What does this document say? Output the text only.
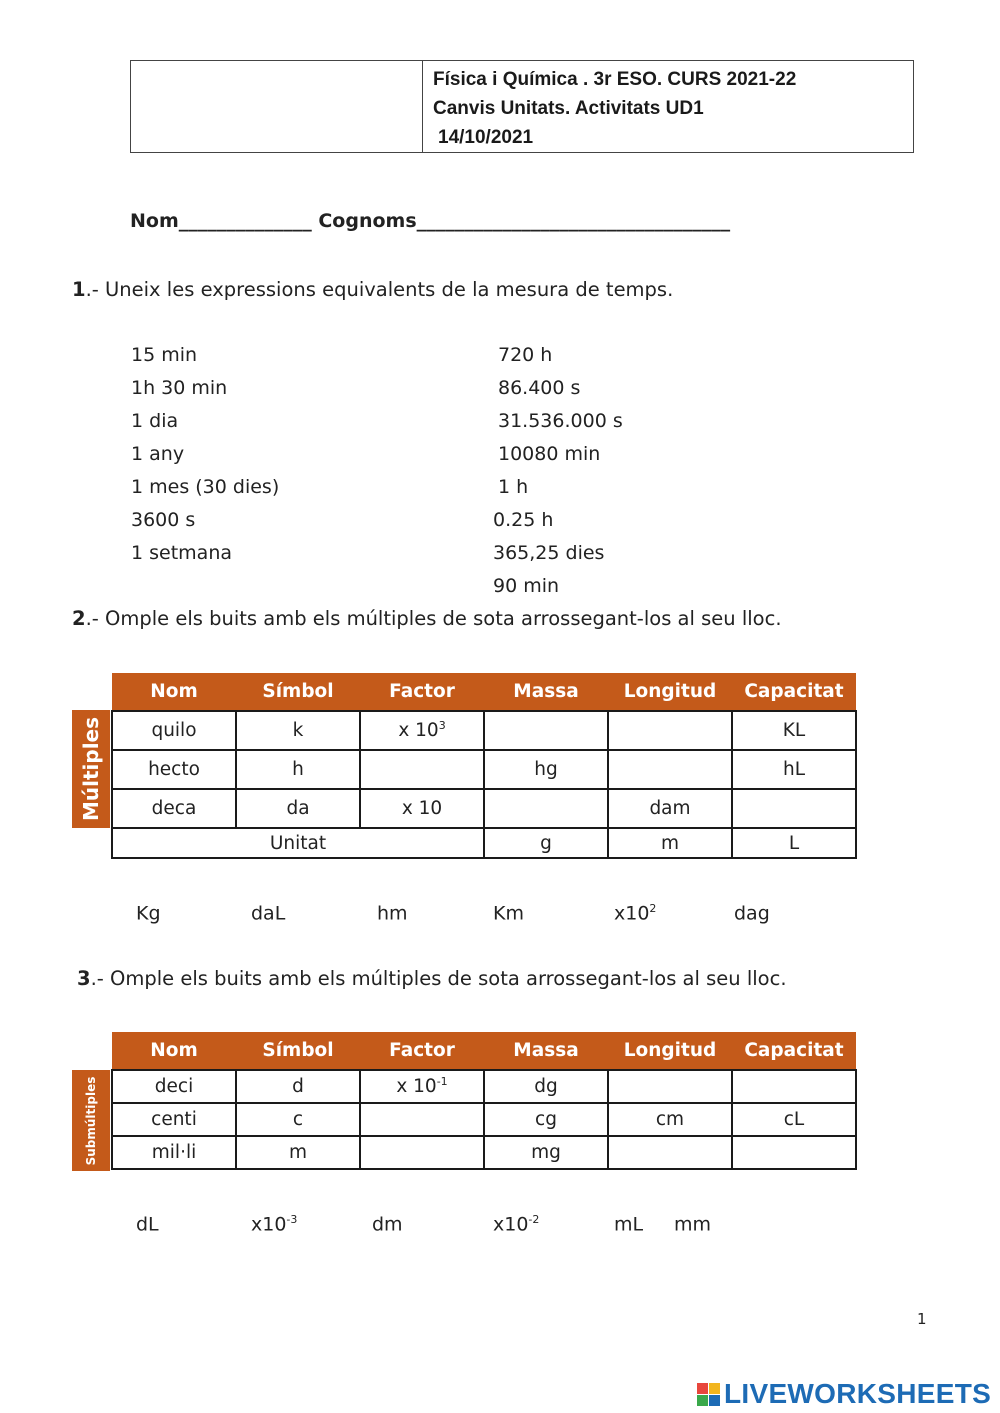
Física i Química . 3r ESO. CURS 2021-22
Canvis Unitats. Activitats UD1
14/10/2021
Nom______________ Cognoms_________________________________
1.- Uneix les expressions equivalents de la mesura de temps.
15 min
1h 30 min
1 dia
1 any
1 mes (30 dies)
3600 s
1 setmana
720 h
86.400 s
31.536.000 s
10080 min
1 h
0.25 h
365,25 dies
90 min
2.- Omple els buits amb els múltiples de sota arrossegant-los al seu lloc.
Múltiples
Nom	Símbol	Factor	Massa	Longitud	Capacitat
quilo	k	x $10^3$			KL
hecto	h		hg		hL
deca	da	x 10		dam	
Unitat			g	m	L
Kg	daL	hm	Km	$x10^2$	dag
3.- Omple els buits amb els múltiples de sota arrossegant-los al seu lloc.
Submúltiples
Nom	Símbol	Factor	Massa	Longitud	Capacitat
deci	d	x $10^{-1}$	dg		
centi	c		cg	cm	cL
mil·li	m		mg		
dL	$x10^{-3}$	dm	$x10^{-2}$	mL mm
1
LIVEWORKSHEETS
